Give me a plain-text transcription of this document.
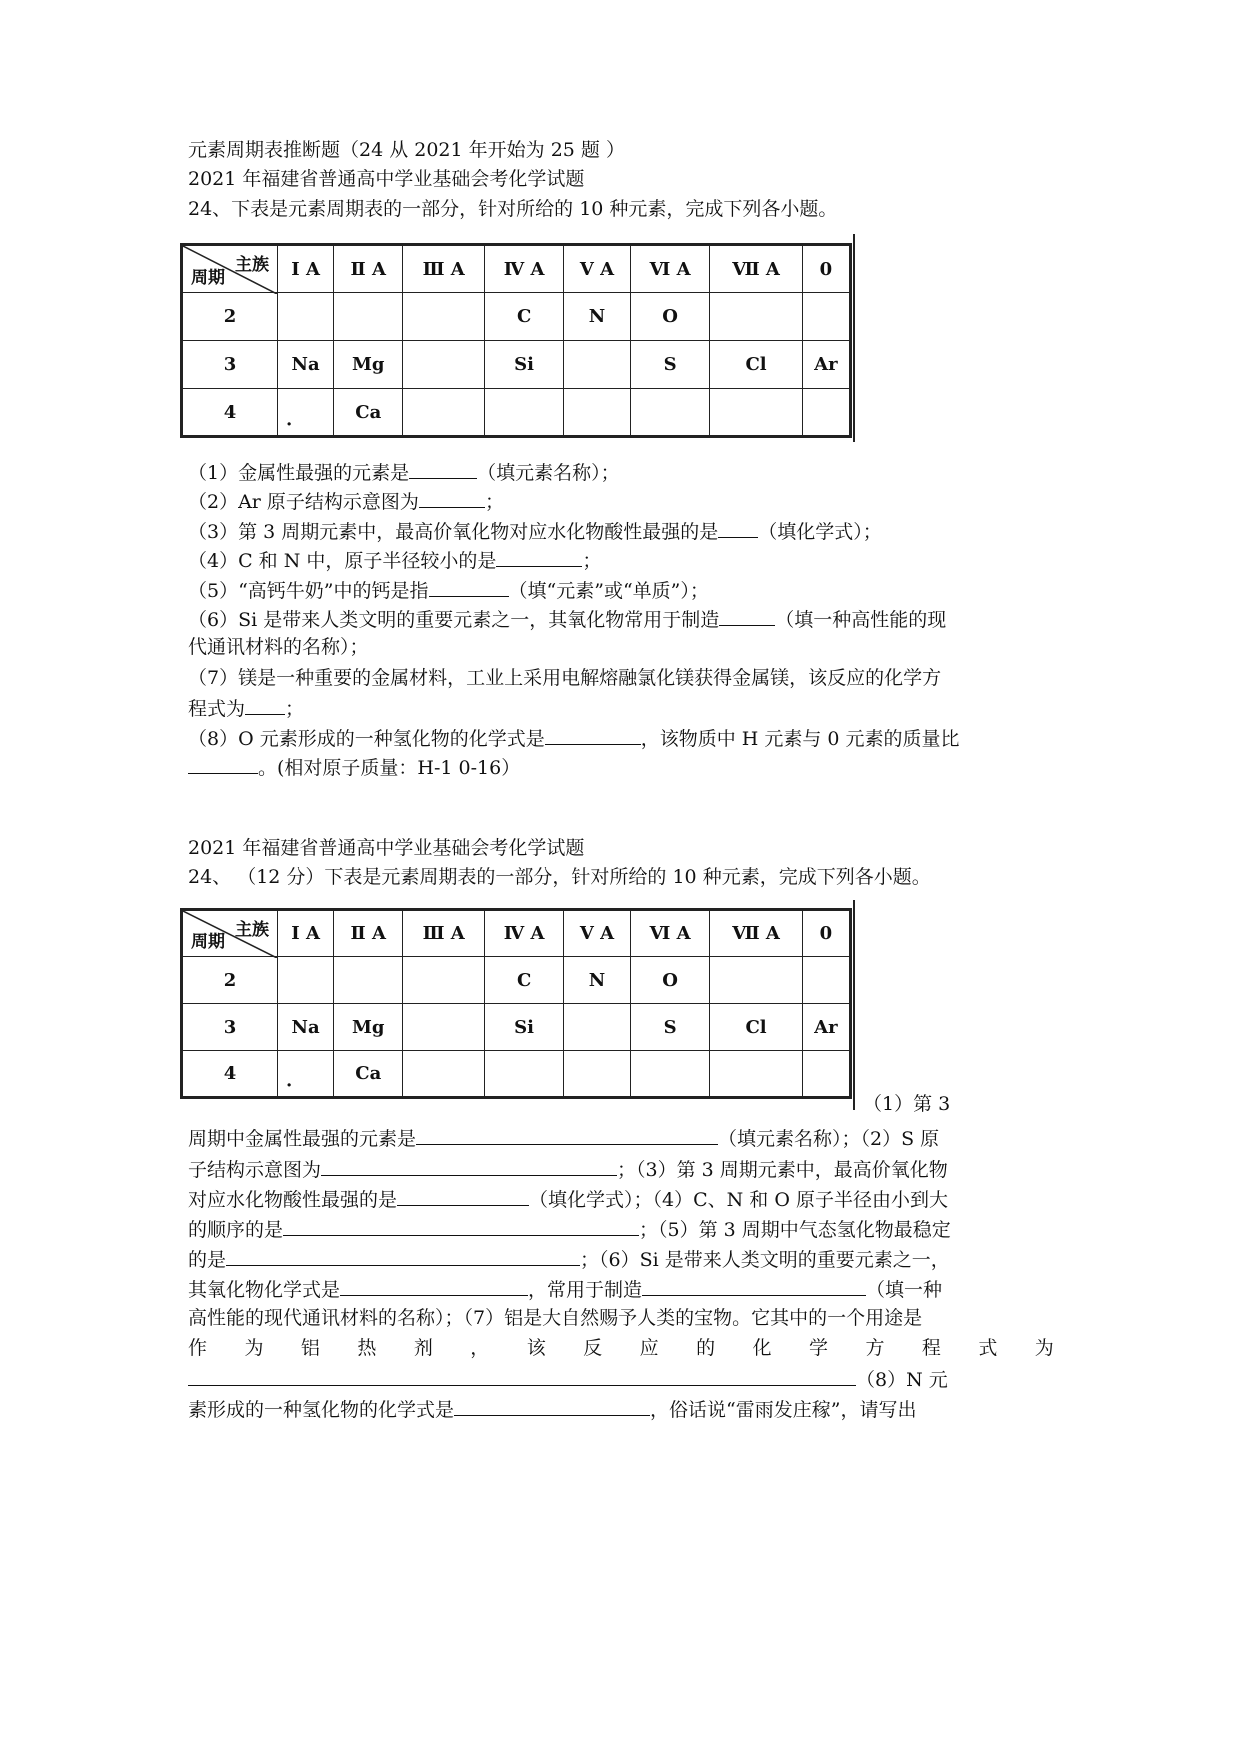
元素周期表推断题（24 从 2021 年开始为 25 题 ）
2021 年福建省普通高中学业基础会考化学试题
24、下表是元素周期表的一部分，针对所给的 10 种元素，完成下列各小题。
主族
周期	Ⅰ A	Ⅱ A	Ⅲ A	Ⅳ A	Ⅴ A	Ⅵ A	Ⅶ A	0
2				C	N	O		
3	Na	Mg		Si		S	Cl	Ar
4	·	Ca						
（1）金属性最强的元素是	（填元素名称）；
（2）Ar 原子结构示意图为	；
（3）第 3 周期元素中，最高价氧化物对应水化物酸性最强的是 （填化学式）；
（4）C 和 N 中，原子半径较小的是	；
（5）“高钙牛奶”中的钙是指	（填“元素”或“单质”）；
（6）Si 是带来人类文明的重要元素之一，其氧化物常用于制造	（填一种高性能的现
代通讯材料的名称）；
（7）镁是一种重要的金属材料，工业上采用电解熔融氯化镁获得金属镁，该反应的化学方
程式为 ；
（8）O 元素形成的一种氢化物的化学式是	，该物质中 H 元素与 0 元素的质量比
。(相对原子质量：H-1 0-16）
2021 年福建省普通高中学业基础会考化学试题
24、 （12 分）下表是元素周期表的一部分，针对所给的 10 种元素，完成下列各小题。
主族
周期	Ⅰ A	Ⅱ A	Ⅲ A	Ⅳ A	Ⅴ A	Ⅵ A	Ⅶ A	0
2				C	N	O		
3	Na	Mg		Si		S	Cl	Ar
4	·	Ca						
（1）第 3
周期中金属性最强的元素是	（填元素名称）；（2）S 原
子结构示意图为	；（3）第 3 周期元素中，最高价氧化物
对应水化物酸性最强的是	（填化学式）；（4）C、N 和 O 原子半径由小到大
的顺序的是	；（5）第 3 周期中气态氢化物最稳定
的是	；（6）Si 是带来人类文明的重要元素之一，
其氧化物化学式是	，常用于制造	（填一种
高性能的现代通讯材料的名称）；（7）铝是大自然赐予人类的宝物。它其中的一个用途是
作 为 铝 热 剂 ， 该 反 应 的 化 学 方 程 式 为
（8）N 元
素形成的一种氢化物的化学式是	，俗话说“雷雨发庄稼”，请写出
